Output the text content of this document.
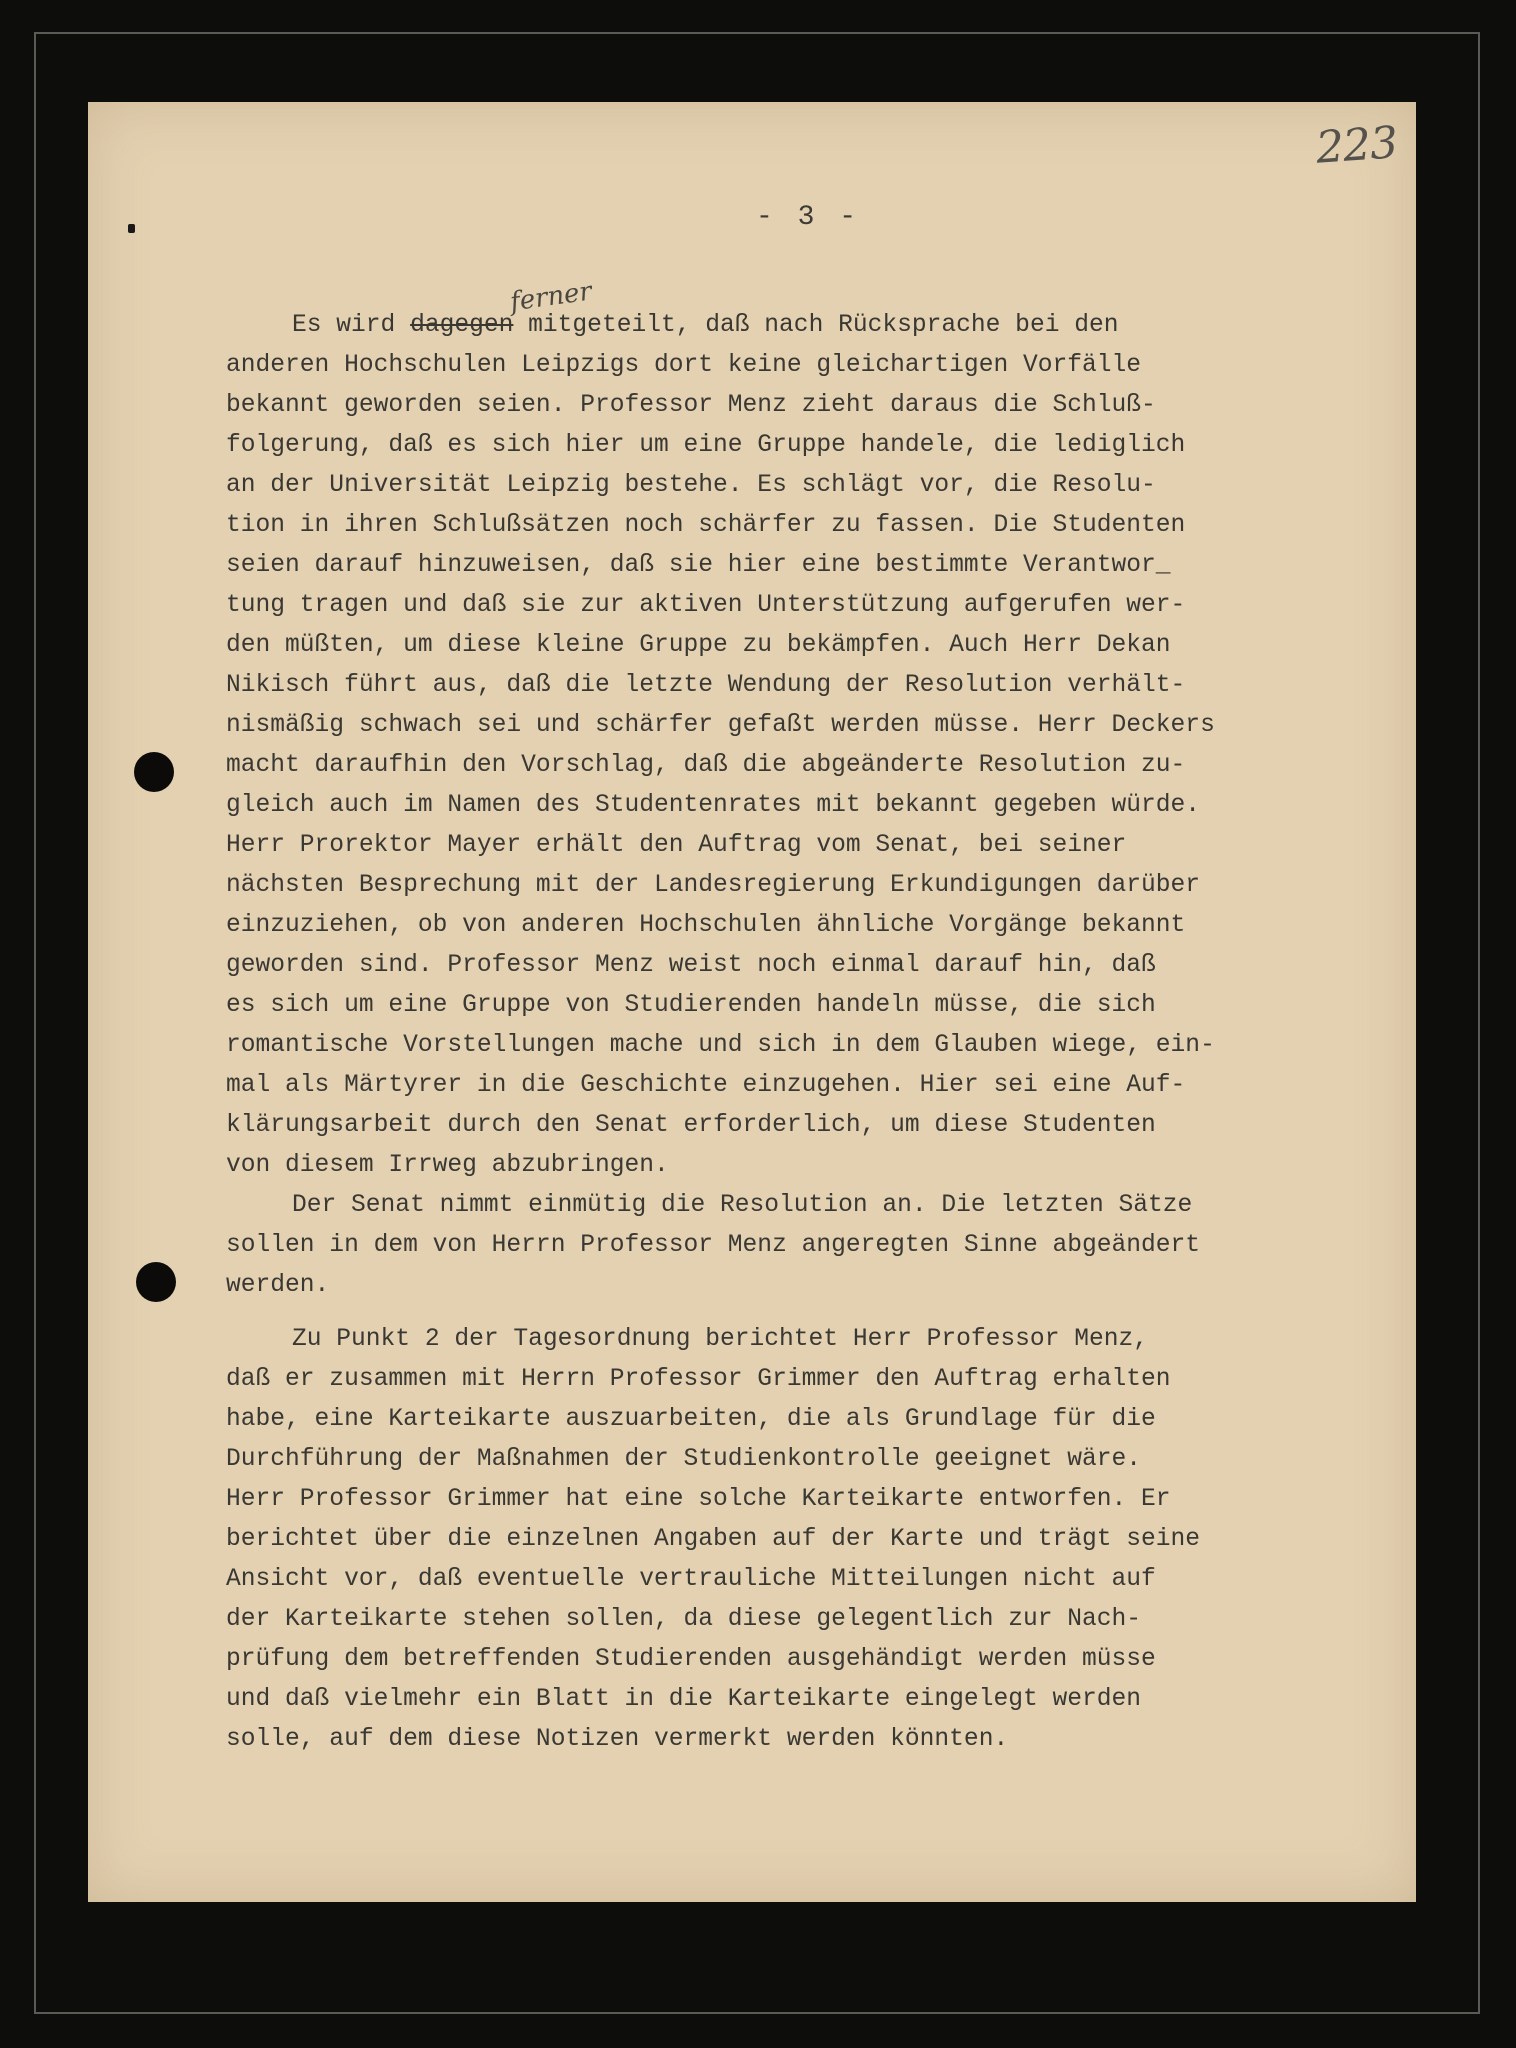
223
- 3 -
ferner
Es wird dagegen mitgeteilt, daß nach Rücksprache bei den
anderen Hochschulen Leipzigs dort keine gleichartigen Vorfälle
bekannt geworden seien. Professor Menz zieht daraus die Schluß-
folgerung, daß es sich hier um eine Gruppe handele, die lediglich
an der Universität Leipzig bestehe. Es schlägt vor, die Resolu-
tion in ihren Schlußsätzen noch schärfer zu fassen. Die Studenten
seien darauf hinzuweisen, daß sie hier eine bestimmte Verantwor_
tung tragen und daß sie zur aktiven Unterstützung aufgerufen wer-
den müßten, um diese kleine Gruppe zu bekämpfen. Auch Herr Dekan
Nikisch führt aus, daß die letzte Wendung der Resolution verhält-
nismäßig schwach sei und schärfer gefaßt werden müsse. Herr Deckers
macht daraufhin den Vorschlag, daß die abgeänderte Resolution zu-
gleich auch im Namen des Studentenrates mit bekannt gegeben würde.
Herr Prorektor Mayer erhält den Auftrag vom Senat, bei seiner
nächsten Besprechung mit der Landesregierung Erkundigungen darüber
einzuziehen, ob von anderen Hochschulen ähnliche Vorgänge bekannt
geworden sind. Professor Menz weist noch einmal darauf hin, daß
es sich um eine Gruppe von Studierenden handeln müsse, die sich
romantische Vorstellungen mache und sich in dem Glauben wiege, ein-
mal als Märtyrer in die Geschichte einzugehen. Hier sei eine Auf-
klärungsarbeit durch den Senat erforderlich, um diese Studenten
von diesem Irrweg abzubringen.
Der Senat nimmt einmütig die Resolution an. Die letzten Sätze
sollen in dem von Herrn Professor Menz angeregten Sinne abgeändert
werden.
Zu Punkt 2 der Tagesordnung berichtet Herr Professor Menz,
daß er zusammen mit Herrn Professor Grimmer den Auftrag erhalten
habe, eine Karteikarte auszuarbeiten, die als Grundlage für die
Durchführung der Maßnahmen der Studienkontrolle geeignet wäre.
Herr Professor Grimmer hat eine solche Karteikarte entworfen. Er
berichtet über die einzelnen Angaben auf der Karte und trägt seine
Ansicht vor, daß eventuelle vertrauliche Mitteilungen nicht auf
der Karteikarte stehen sollen, da diese gelegentlich zur Nach-
prüfung dem betreffenden Studierenden ausgehändigt werden müsse
und daß vielmehr ein Blatt in die Karteikarte eingelegt werden
solle, auf dem diese Notizen vermerkt werden könnten.
